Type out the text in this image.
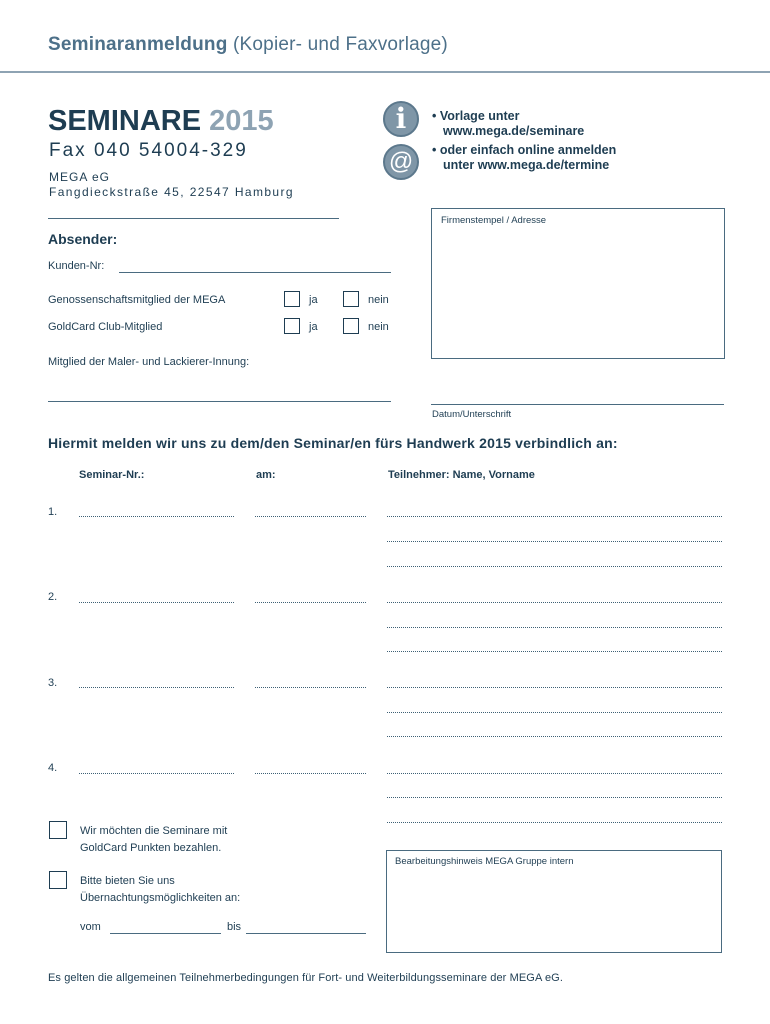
Seminaranmeldung (Kopier- und Faxvorlage)
SEMINARE 2015
Fax 040 54004-329
MEGA eG
Fangdieckstraße 45, 22547 Hamburg
i
@
• Vorlage unter
www.mega.de/seminare
• oder einfach online anmelden
unter www.mega.de/termine
Absender:
Kunden-Nr:
Genossenschaftsmitglied der MEGA	ja	nein
GoldCard Club-Mitglied	ja	nein
Mitglied der Maler- und Lackierer-Innung:
Firmenstempel / Adresse
Datum/Unterschrift
Hiermit melden wir uns zu dem/den Seminar/en fürs Handwerk 2015 verbindlich an:
Seminar-Nr.:	am:	Teilnehmer: Name, Vorname
1.
2.
3.
4.
Wir möchten die Seminare mit
GoldCard Punkten bezahlen.
Bitte bieten Sie uns
Übernachtungsmöglichkeiten an:
vom	bis
Bearbeitungshinweis MEGA Gruppe intern
Es gelten die allgemeinen Teilnehmerbedingungen für Fort- und Weiterbildungsseminare der MEGA eG.
